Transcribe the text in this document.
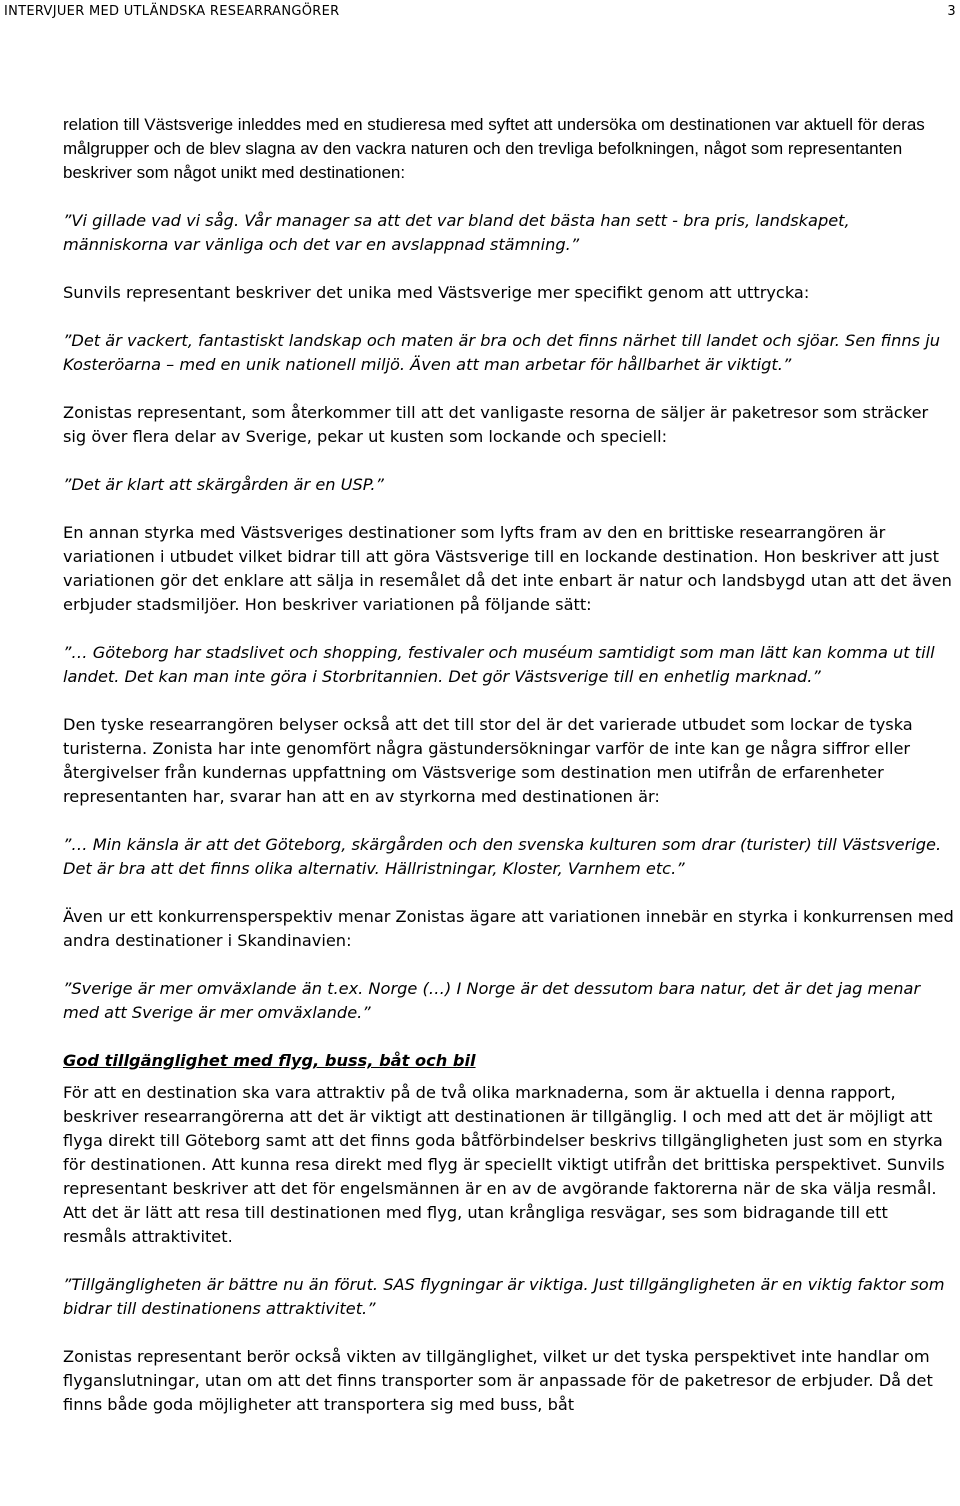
INTERVJUER MED UTLÄNDSKA RESEARRANGÖRER	3

relation till Västsverige inleddes med en studieresa med syftet att undersöka om destinationen var aktuell för deras målgrupper och de blev slagna av den vackra naturen och den trevliga befolkningen, något som representanten beskriver som något unikt med destinationen:

”Vi gillade vad vi såg. Vår manager sa att det var bland det bästa han sett - bra pris, landskapet, människorna var vänliga och det var en avslappnad stämning.”

Sunvils representant beskriver det unika med Västsverige mer specifikt genom att uttrycka:

”Det är vackert, fantastiskt landskap och maten är bra och det finns närhet till landet och sjöar. Sen finns ju Kosteröarna – med en unik nationell miljö. Även att man arbetar för hållbarhet är viktigt.”

Zonistas representant, som återkommer till att det vanligaste resorna de säljer är paketresor som sträcker sig över flera delar av Sverige, pekar ut kusten som lockande och speciell:

”Det är klart att skärgården är en USP.”

En annan styrka med Västsveriges destinationer som lyfts fram av den en brittiske researrangören är variationen i utbudet vilket bidrar till att göra Västsverige till en lockande destination. Hon beskriver att just variationen gör det enklare att sälja in resemålet då det inte enbart är natur och landsbygd utan att det även erbjuder stadsmiljöer. Hon beskriver variationen på följande sätt:

”… Göteborg har stadslivet och shopping, festivaler och muséum samtidigt som man lätt kan komma ut till landet. Det kan man inte göra i Storbritannien. Det gör Västsverige till en enhetlig marknad.”

Den tyske researrangören belyser också att det till stor del är det varierade utbudet som lockar de tyska turisterna. Zonista har inte genomfört några gästundersökningar varför de inte kan ge några siffror eller återgivelser från kundernas uppfattning om Västsverige som destination men utifrån de erfarenheter representanten har, svarar han att en av styrkorna med destinationen är:

”… Min känsla är att det Göteborg, skärgården och den svenska kulturen som drar (turister) till Västsverige. Det är bra att det finns olika alternativ. Hällristningar, Kloster, Varnhem etc.”

Även ur ett konkurrensperspektiv menar Zonistas ägare att variationen innebär en styrka i konkurrensen med andra destinationer i Skandinavien:

”Sverige är mer omväxlande än t.ex. Norge (…) I Norge är det dessutom bara natur, det är det jag menar med att Sverige är mer omväxlande.”

God tillgänglighet med flyg, buss, båt och bil

För att en destination ska vara attraktiv på de två olika marknaderna, som är aktuella i denna rapport, beskriver researrangörerna att det är viktigt att destinationen är tillgänglig. I och med att det är möjligt att flyga direkt till Göteborg samt att det finns goda båtförbindelser beskrivs tillgängligheten just som en styrka för destinationen. Att kunna resa direkt med flyg är speciellt viktigt utifrån det brittiska perspektivet. Sunvils representant beskriver att det för engelsmännen är en av de avgörande faktorerna när de ska välja resmål. Att det är lätt att resa till destinationen med flyg, utan krångliga resvägar, ses som bidragande till ett resmåls attraktivitet.

”Tillgängligheten är bättre nu än förut. SAS flygningar är viktiga. Just tillgängligheten är en viktig faktor som bidrar till destinationens attraktivitet.”

Zonistas representant berör också vikten av tillgänglighet, vilket ur det tyska perspektivet inte handlar om flyganslutningar, utan om att det finns transporter som är anpassade för de paketresor de erbjuder. Då det finns både goda möjligheter att transportera sig med buss, båt
